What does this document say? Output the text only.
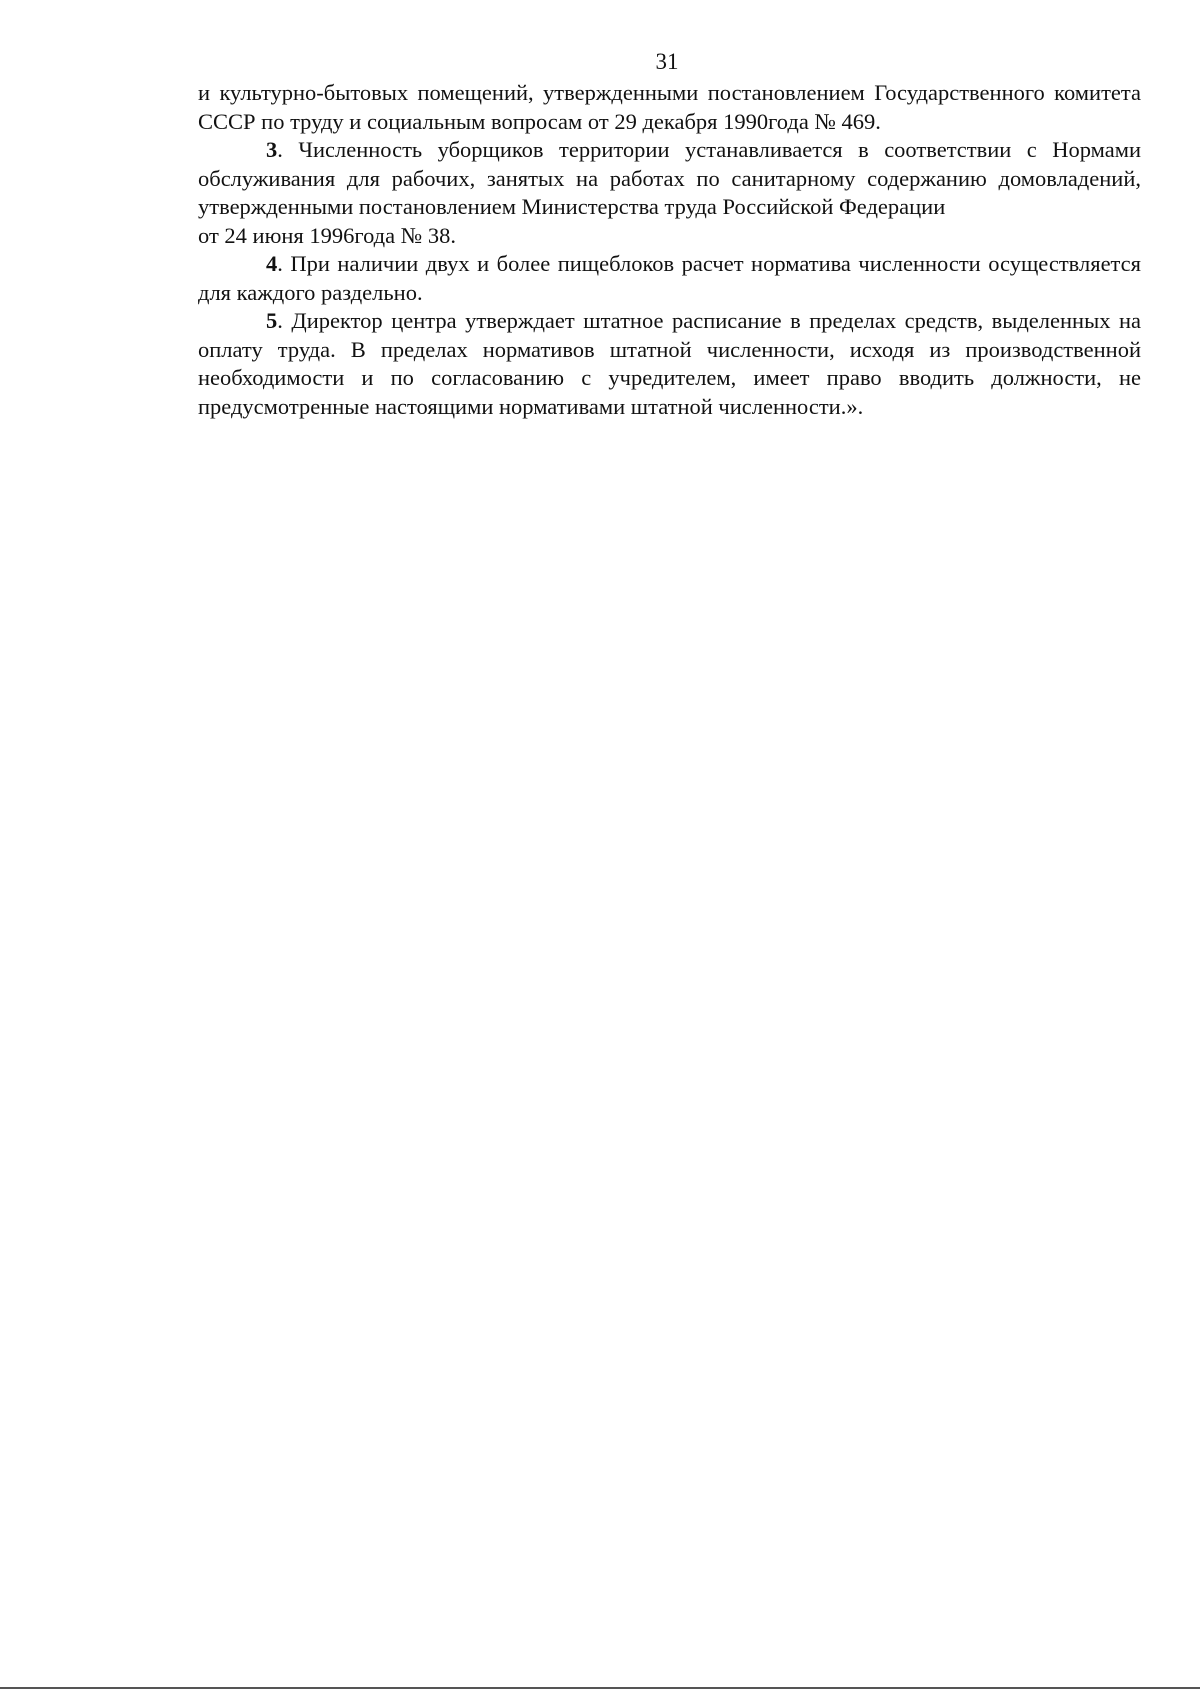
31

и культурно-бытовых помещений, утвержденными постановлением Государственного комитета СССР по труду и социальным вопросам от 29 декабря 1990года № 469.

3. Численность уборщиков территории устанавливается в соответствии с Нормами обслуживания для рабочих, занятых на работах по санитарному содержанию домовладений, утвержденными постановлением Министерства труда Российской Федерации

от 24 июня 1996года № 38.

4. При наличии двух и более пищеблоков расчет норматива численности осуществляется для каждого раздельно.

5. Директор центра утверждает штатное расписание в пределах средств, выделенных на оплату труда. В пределах нормативов штатной численности, исходя из производственной необходимости и по согласованию с учредителем, имеет право вводить должности, не предусмотренные настоящими нормативами штатной численности.».
